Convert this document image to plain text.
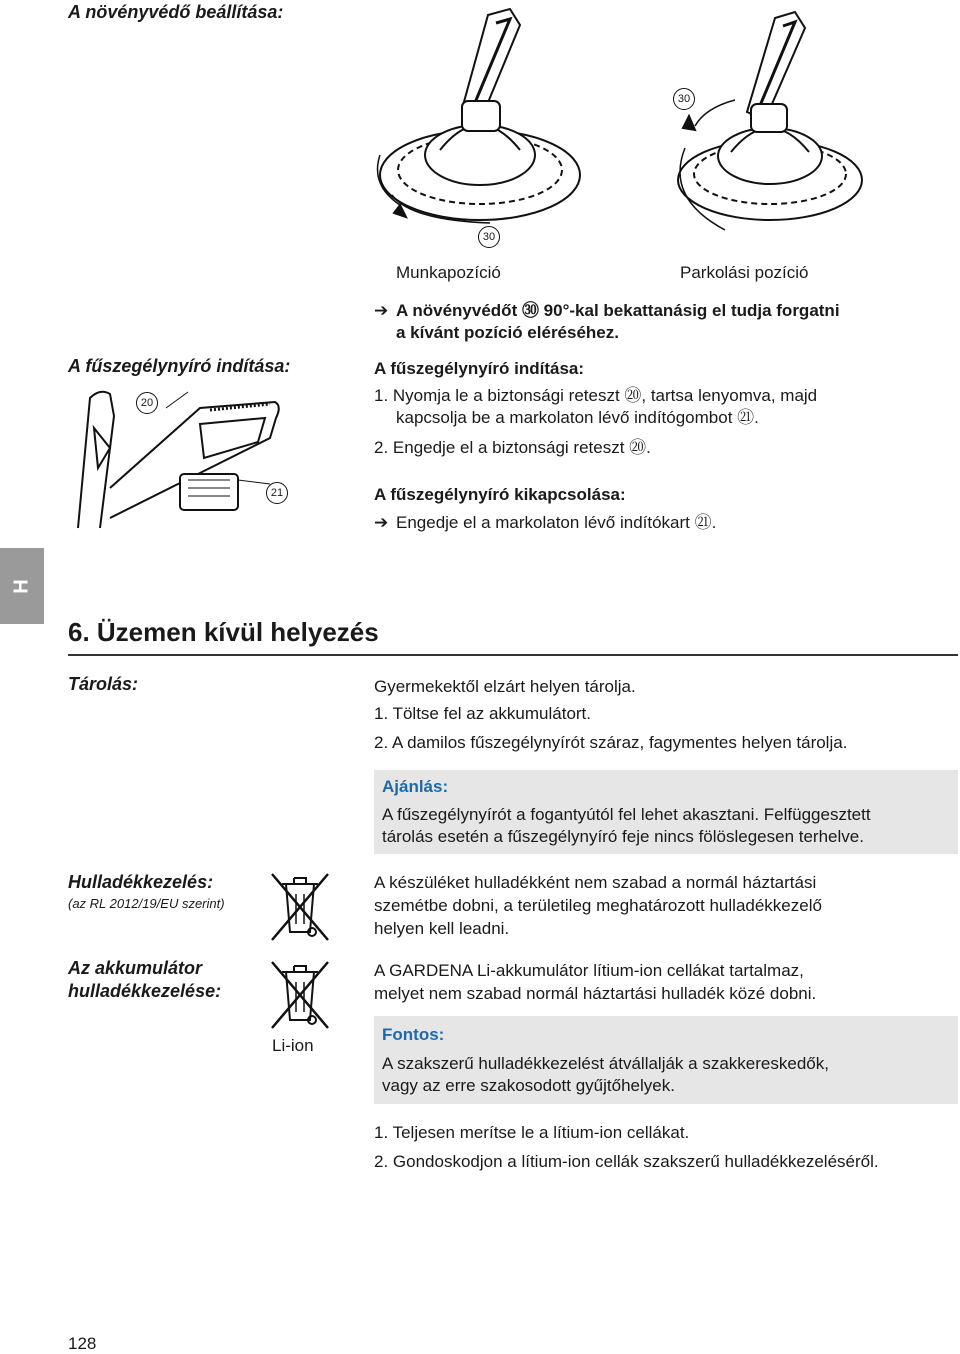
A növényvédő beállítása:
30
30
Munkapozíció	Parkolási pozíció
➔ A növényvédőt ㉚ 90°-kal bekattanásig el tudja forgatni
a kívánt pozíció eléréséhez.
A fűszegélynyíró indítása:
20
21
A fűszegélynyíró indítása:
1. Nyomja le a biztonsági reteszt ⑳, tartsa lenyomva, majd
kapcsolja be a markolaton lévő indítógombot ㉑.
2. Engedje el a biztonsági reteszt ⑳.
A fűszegélynyíró kikapcsolása:
➔ Engedje el a markolaton lévő indítókart ㉑.
H
6. Üzemen kívül helyezés
Tárolás:	Gyermekektől elzárt helyen tárolja.
1. Töltse fel az akkumulátort.
2. A damilos fűszegélynyírót száraz, fagymentes helyen tárolja.
Ajánlás:
A fűszegélynyírót a fogantyútól fel lehet akasztani. Felfüggesztett
tárolás esetén a fűszegélynyíró feje nincs fölöslegesen terhelve.
Hulladékkezelés:
(az RL 2012/19/EU szerint)
A készüléket hulladékként nem szabad a normál háztartási
szemétbe dobni, a területileg meghatározott hulladékkezelő
helyen kell leadni.
Az akkumulátor
hulladékkezelése:
Li-ion
A GARDENA Li-akkumulátor lítium-ion cellákat tartalmaz,
melyet nem szabad normál háztartási hulladék közé dobni.
Fontos:
A szakszerű hulladékkezelést átvállalják a szakkereskedők,
vagy az erre szakosodott gyűjtőhelyek.
1. Teljesen merítse le a lítium-ion cellákat.
2. Gondoskodjon a lítium-ion cellák szakszerű hulladékkezeléséről.
128
